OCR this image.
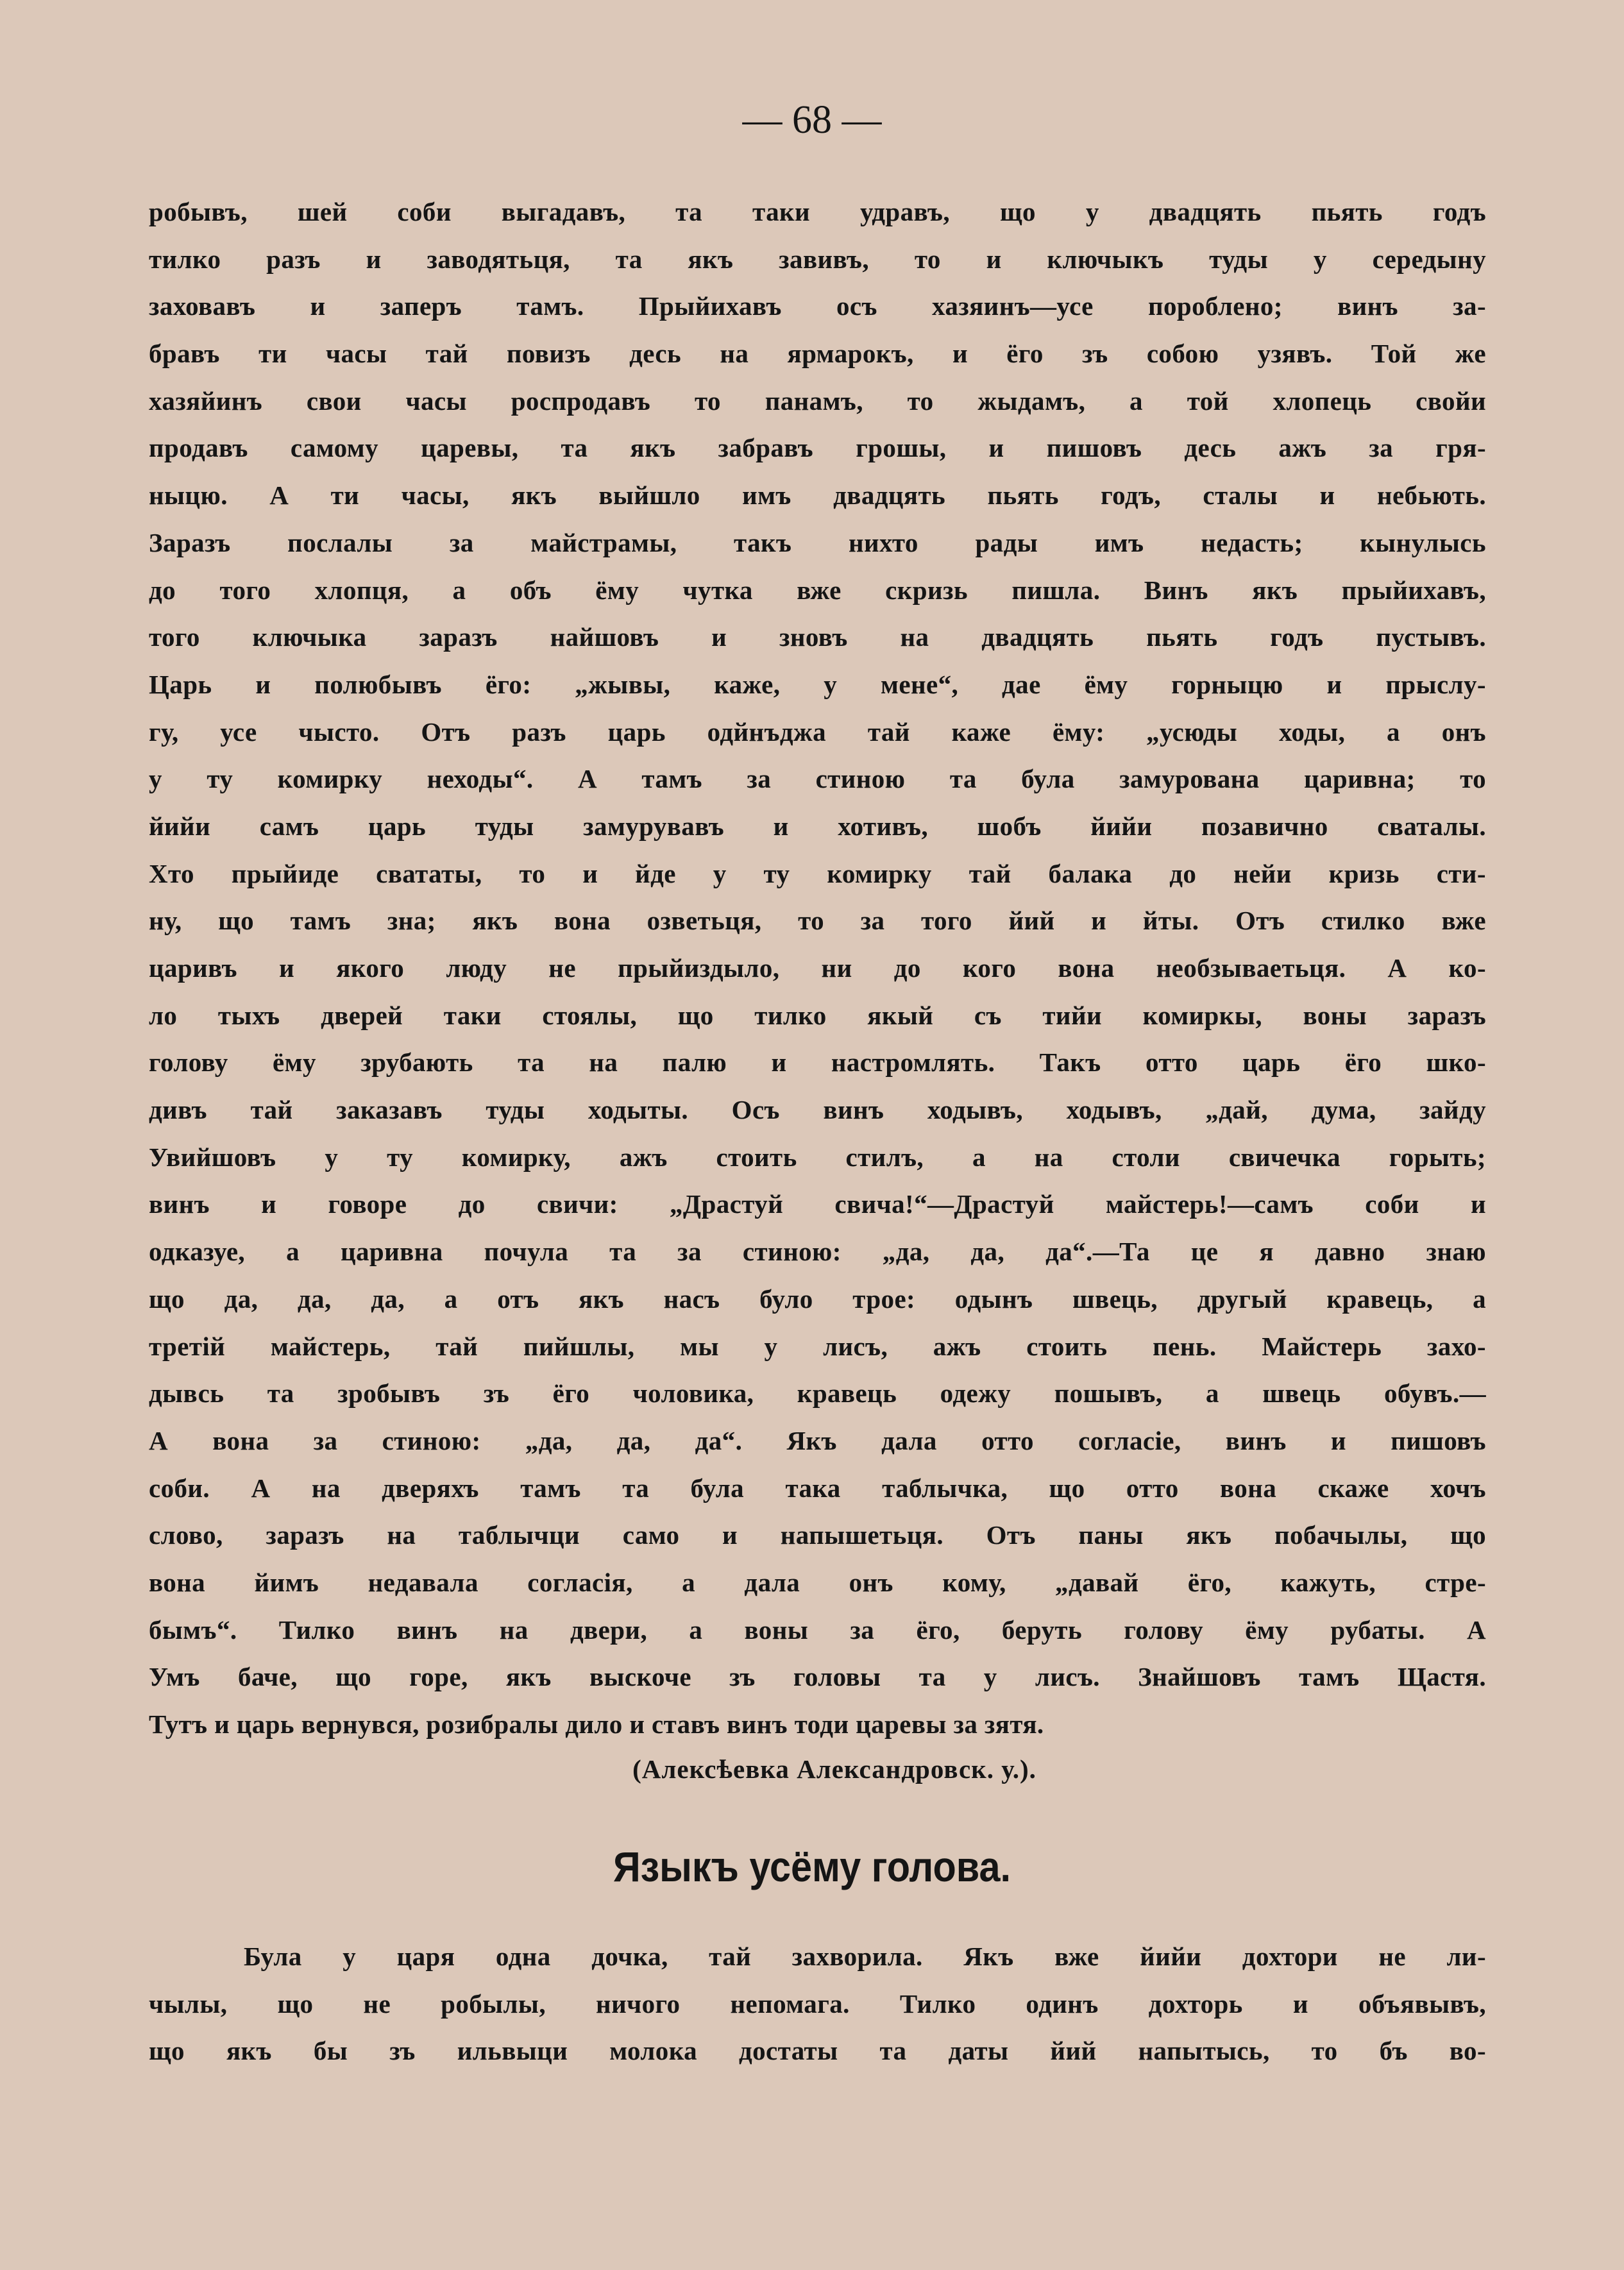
— 68 —
робывъ, шей соби выгадавъ, та таки удравъ, що у двадцять пьять годъ
тилко разъ и заводятьця, та якъ завивъ, то и ключыкъ туды у середыну
заховавъ и заперъ тамъ. Прыйихавъ осъ хазяинъ—усе пороблено; винъ за-
бравъ ти часы тай повизъ десь на ярмарокъ, и ёго зъ собою узявъ. Той же
хазяйинъ свои часы роспродавъ то панамъ, то жыдамъ, а той хлопець свойи
продавъ самому царевы, та якъ забравъ грошы, и пишовъ десь ажъ за гря-
ныцю. А ти часы, якъ выйшло имъ двадцять пьять годъ, сталы и небьють.
Заразъ послалы за майстрамы, такъ нихто рады имъ недасть; кынулысь
до того хлопця, а объ ёму чутка вже скризь пишла. Винъ якъ прыйихавъ,
того ключыка заразъ найшовъ и зновъ на двадцять пьять годъ пустывъ.
Царь и полюбывъ ёго: „жывы, каже, у мене“, дае ёму горныцю и прыслу-
гу, усе чысто. Отъ разъ царь одйнъджа тай каже ёму: „усюды ходы, а онъ
у ту комирку неходы“. А тамъ за стиною та була замурована царивна; то
йийи самъ царь туды замурувавъ и хотивъ, шобъ йийи позавично сваталы.
Хто прыйиде свататы, то и йде у ту комирку тай балака до нейи кризь сти-
ну, що тамъ зна; якъ вона озветьця, то за того йий и йты. Отъ стилко вже
царивъ и якого люду не прыйиздыло, ни до кого вона необзываетьця. А ко-
ло тыхъ дверей таки стоялы, що тилко якый съ тийи комиркы, воны заразъ
голову ёму зрубають та на палю и настромлять. Такъ отто царь ёго шко-
дивъ тай заказавъ туды ходыты. Осъ винъ ходывъ, ходывъ, „дай, дума, зайду
Увийшовъ у ту комирку, ажъ стоить стилъ, а на столи свичечка горыть;
винъ и говоре до свичи: „Драстуй свича!“—Драстуй майстерь!—самъ соби и
одказуе, а царивна почула та за стиною: „да, да, да“.—Та це я давно знаю
що да, да, да, а отъ якъ насъ було трое: одынъ швець, другый кравець, а
третій майстерь, тай пийшлы, мы у лисъ, ажъ стоить пень. Майстерь захо-
дывсь та зробывъ зъ ёго чоловика, кравець одежу пошывъ, а швець обувъ.—
А вона за стиною: „да, да, да“. Якъ дала отто согласіе, винъ и пишовъ
соби. А на дверяхъ тамъ та була така таблычка, що отто вона скаже хочъ
слово, заразъ на таблычци само и напышетьця. Отъ паны якъ побачылы, що
вона йимъ недавала согласія, а дала онъ кому, „давай ёго, кажуть, стре-
бымъ“. Тилко винъ на двери, а воны за ёго, беруть голову ёму рубаты. А
Умъ баче, що горе, якъ выскоче зъ головы та у лисъ. Знайшовъ тамъ Щастя.
Тутъ и царь вернувся, розибралы дило и ставъ винъ тоди царевы за зятя.
(Алексѣевка Александровск. у.).
Языкъ усёму голова.
Була у царя одна дочка, тай захворила. Якъ вже йийи дохтори не ли-
чылы, що не робылы, ничого непомага. Тилко одинъ дохторь и объявывъ,
що якъ бы зъ ильвыци молока достаты та даты йий напытысь, то бъ во-
